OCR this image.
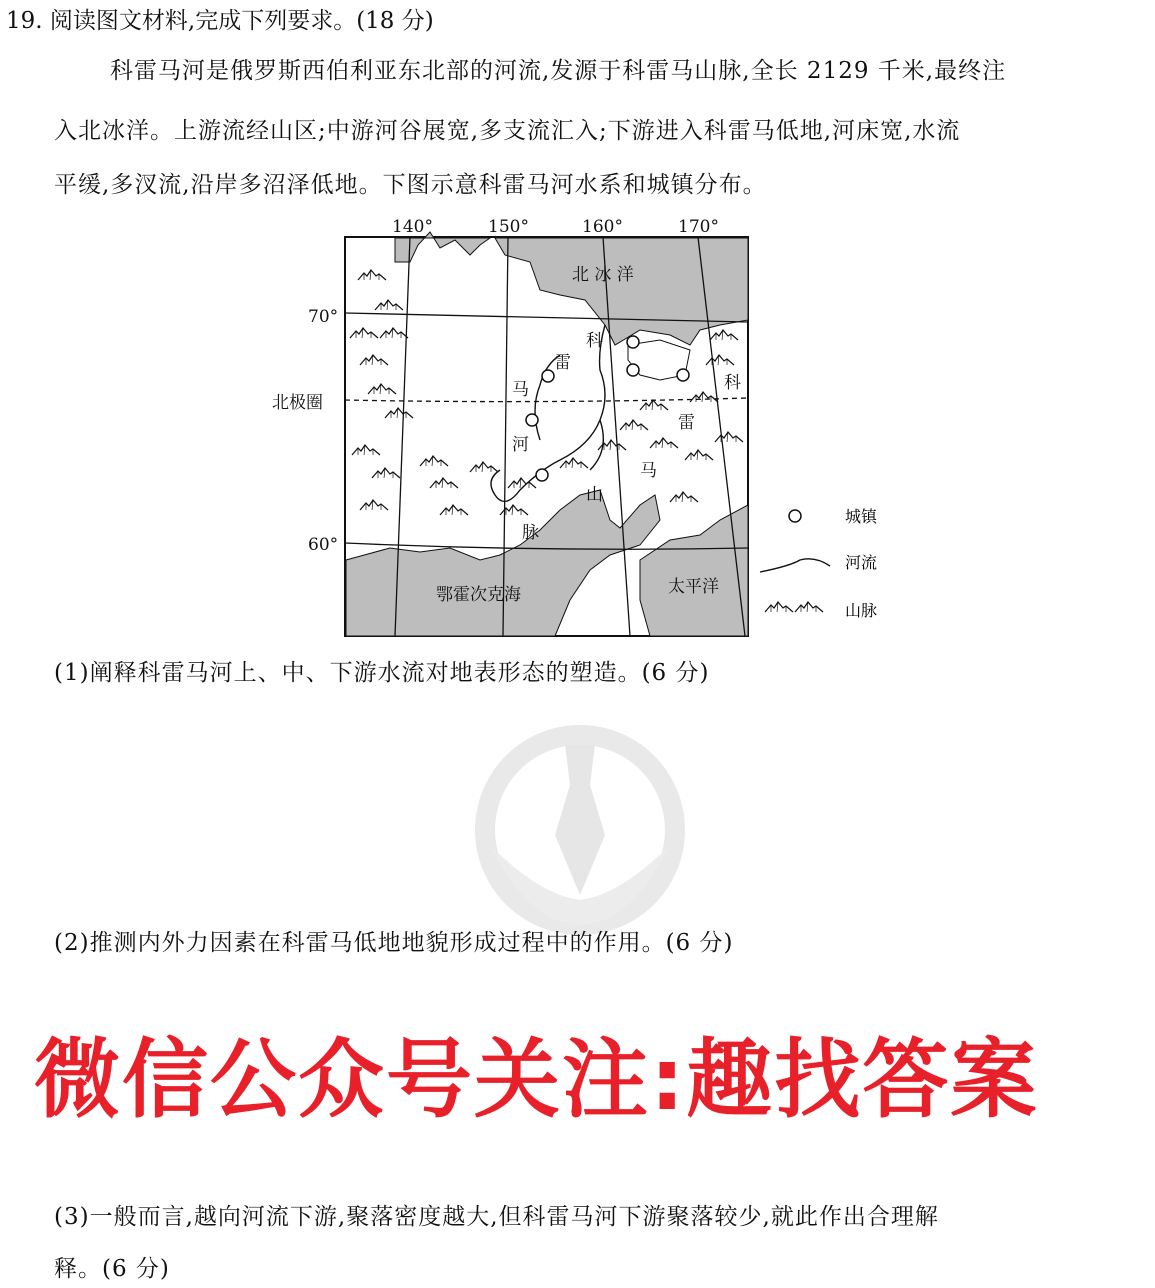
19. 阅读图文材料,完成下列要求。(18 分)
科雷马河是俄罗斯西伯利亚东北部的河流,发源于科雷马山脉,全长 2129 千米,最终注
入北冰洋。上游流经山区;中游河谷展宽,多支流汇入;下游进入科雷马低地,河床宽,水流
平缓,多汊流,沿岸多沼泽低地。下图示意科雷马河水系和城镇分布。
140°	150°	160°	170°
70°
60°
北极圈
北 冰 洋
鄂霍次克海	太平洋
科
雷
马
河
山
脉
科
雷
马
城镇
河流
山脉
(1)阐释科雷马河上、中、下游水流对地表形态的塑造。(6 分)
(2)推测内外力因素在科雷马低地地貌形成过程中的作用。(6 分)
微信公众号关注:趣找答案
(3)一般而言,越向河流下游,聚落密度越大,但科雷马河下游聚落较少,就此作出合理解
释。(6 分)
